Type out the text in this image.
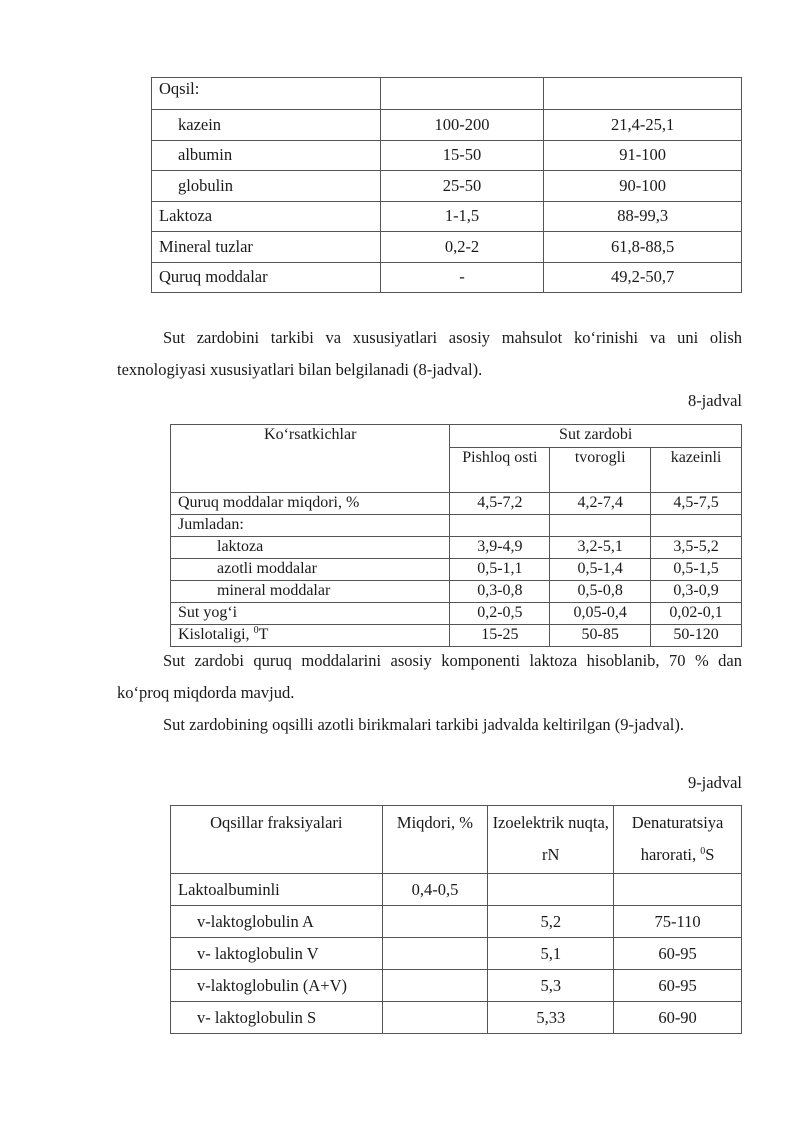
Oqsil:		
kazein	100-200	21,4-25,1
albumin	15-50	91-100
globulin	25-50	90-100
Laktoza	1-1,5	88-99,3
Mineral tuzlar	0,2-2	61,8-88,5
Quruq moddalar	-	49,2-50,7

Sut zardobini tarkibi va xususiyatlari asosiy mahsulot ko‘rinishi va uni olish texnologiyasi xususiyatlari bilan belgilanadi (8-jadval).

8-jadval

Ko‘rsatkichlar	Sut zardobi		
	Pishloq osti	tvorogli	kazeinli
Quruq moddalar miqdori, %	4,5-7,2	4,2-7,4	4,5-7,5
Jumladan:			
laktoza	3,9-4,9	3,2-5,1	3,5-5,2
azotli moddalar	0,5-1,1	0,5-1,4	0,5-1,5
mineral moddalar	0,3-0,8	0,5-0,8	0,3-0,9
Sut yog‘i	0,2-0,5	0,05-0,4	0,02-0,1
Kislotaligi, $^0$T	15-25	50-85	50-120

Sut zardobi quruq moddalarini asosiy komponenti laktoza hisoblanib, 70 % dan ko‘proq miqdorda mavjud.

Sut zardobining oqsilli azotli birikmalari tarkibi jadvalda keltirilgan (9-jadval).

9-jadval

Oqsillar fraksiyalari	Miqdori, %	Izoelektrik nuqta, rN	Denaturatsiya harorati, $^0$S
Laktoalbuminli	0,4-0,5		
v-laktoglobulin A		5,2	75-110
v- laktoglobulin V		5,1	60-95
v-laktoglobulin (A+V)		5,3	60-95
v- laktoglobulin S		5,33	60-90
